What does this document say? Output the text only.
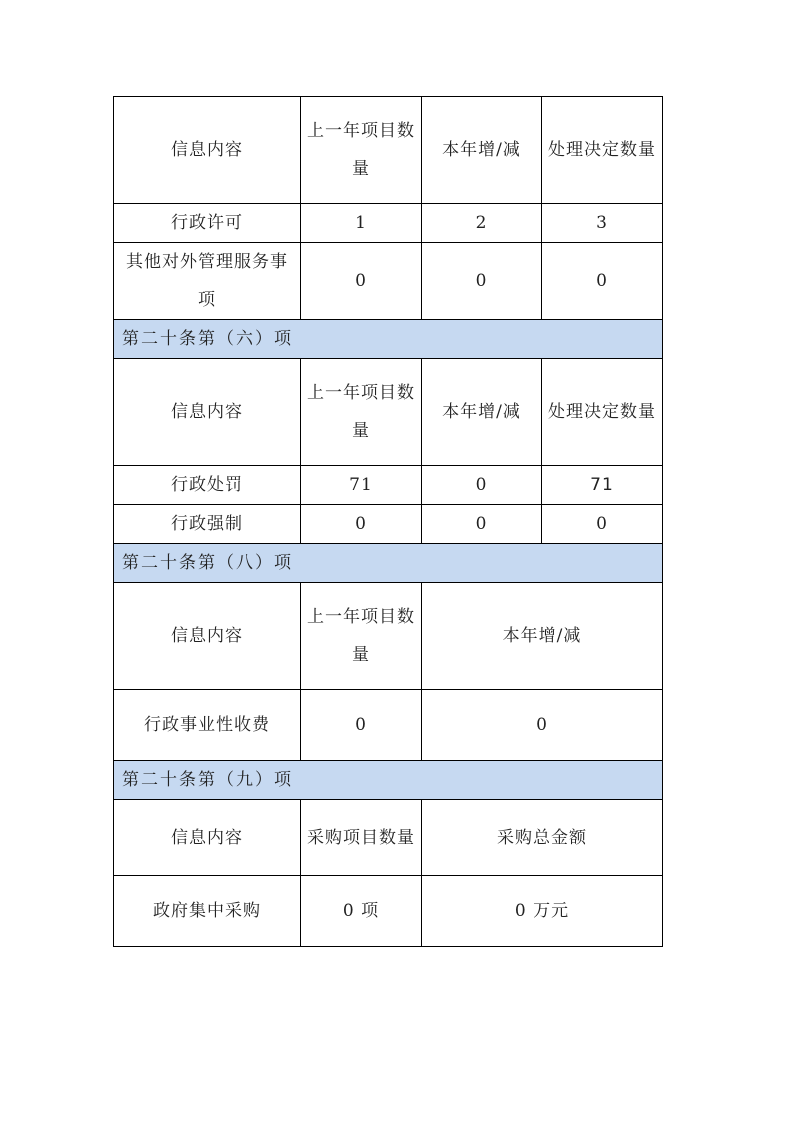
信息内容	上一年项目数量	本年增/减	处理决定数量
行政许可	1	2	3
其他对外管理服务事项	0	0	0
第二十条第（六）项			
信息内容	上一年项目数量	本年增/减	处理决定数量
行政处罚	71	0	71
行政强制	0	0	0
第二十条第（八）项			
信息内容	上一年项目数量	本年增/减	
行政事业性收费	0	0	
第二十条第（九）项			
信息内容	采购项目数量	采购总金额	
政府集中采购	0 项	0 万元	
